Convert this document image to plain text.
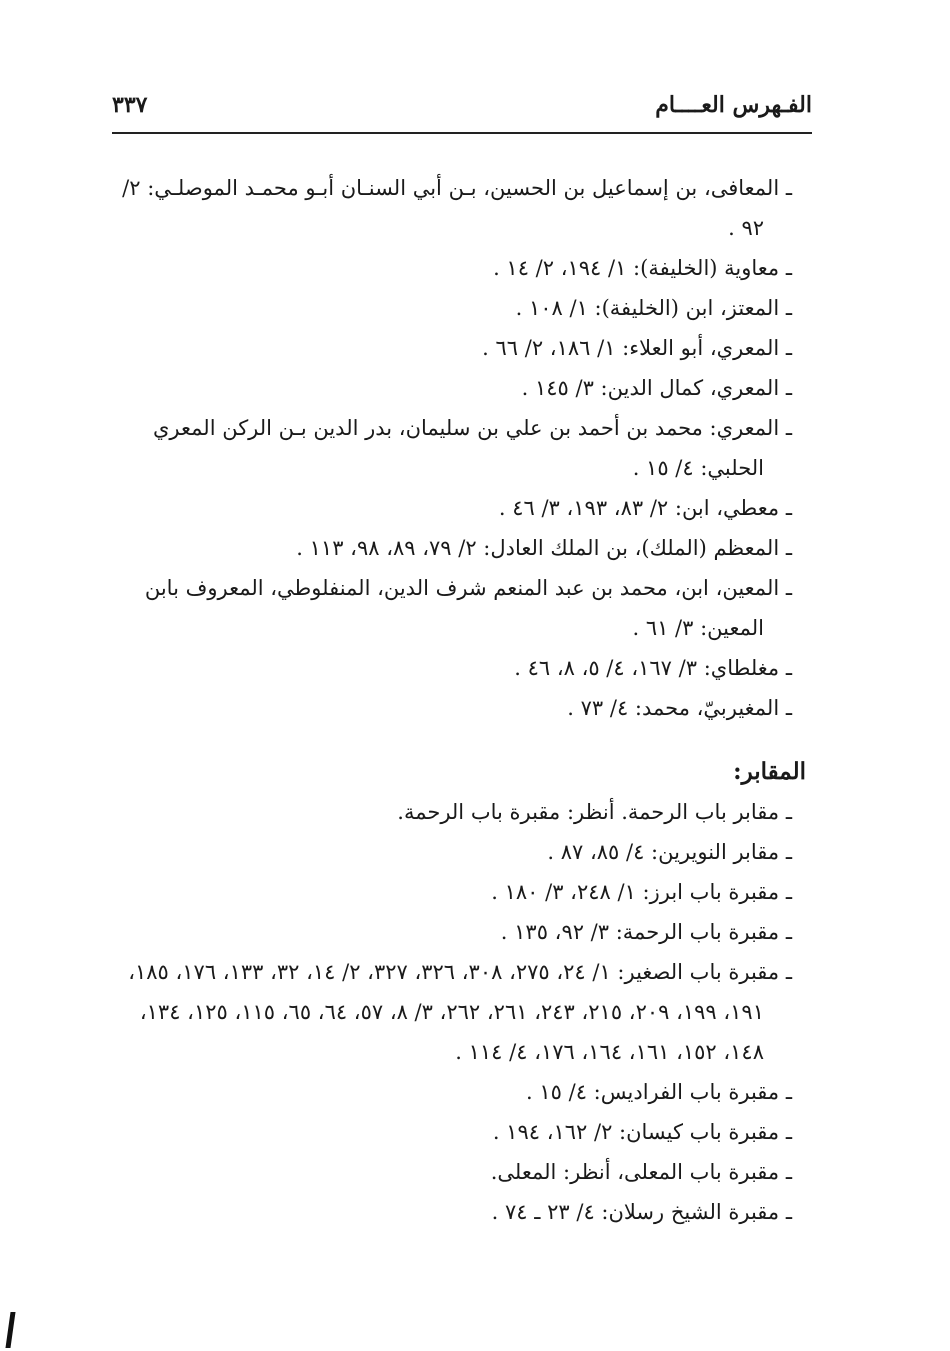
الفـهرس العــــام
٣٣٧

ـ المعافى، بن إسماعيل بن الحسين، بـن أبي السنـان أبـو محمـد الموصلـي: ٢/ ٩٢ .

ـ معاوية (الخليفة): ١/ ١٩٤، ٢/ ١٤ .

ـ المعتز، ابن (الخليفة): ١/ ١٠٨ .

ـ المعري، أبو العلاء: ١/ ١٨٦، ٢/ ٦٦ .

ـ المعري، كمال الدين: ٣/ ١٤٥ .

ـ المعري: محمد بن أحمد بن علي بن سليمان، بدر الدين بـن الركن المعري الحلبي: ٤/ ١٥ .

ـ معطي، ابن: ٢/ ٨٣، ١٩٣، ٣/ ٤٦ .

ـ المعظم (الملك)، بن الملك العادل: ٢/ ٧٩، ٨٩، ٩٨، ١١٣ .

ـ المعين، ابن، محمد بن عبد المنعم شرف الدين، المنفلوطي، المعروف بابن المعين: ٣/ ٦١ .

ـ مغلطاي: ٣/ ١٦٧، ٤/ ٥، ٨، ٤٦ .

ـ المغيربيّ، محمد: ٤/ ٧٣ .

المقابر:

ـ مقابر باب الرحمة. أنظر: مقبرة باب الرحمة.

ـ مقابر النويرين: ٤/ ٨٥، ٨٧ .

ـ مقبرة باب ابرز: ١/ ٢٤٨، ٣/ ١٨٠ .

ـ مقبرة باب الرحمة: ٣/ ٩٢، ١٣٥ .

ـ مقبرة باب الصغير: ١/ ٢٤، ٢٧٥، ٣٠٨، ٣٢٦، ٣٢٧، ٢/ ١٤، ٣٢، ١٣٣، ١٧٦، ١٨٥، ١٩١، ١٩٩، ٢٠٩، ٢١٥، ٢٤٣، ٢٦١، ٢٦٢، ٣/ ٨، ٥٧، ٦٤، ٦٥، ١١٥، ١٢٥، ١٣٤، ١٤٨، ١٥٢، ١٦١، ١٦٤، ١٧٦، ٤/ ١١٤ .

ـ مقبرة باب الفراديس: ٤/ ١٥ .

ـ مقبرة باب كيسان: ٢/ ١٦٢، ١٩٤ .

ـ مقبرة باب المعلى، أنظر: المعلى.

ـ مقبرة الشيخ رسلان: ٤/ ٢٣ ـ ٧٤ .
